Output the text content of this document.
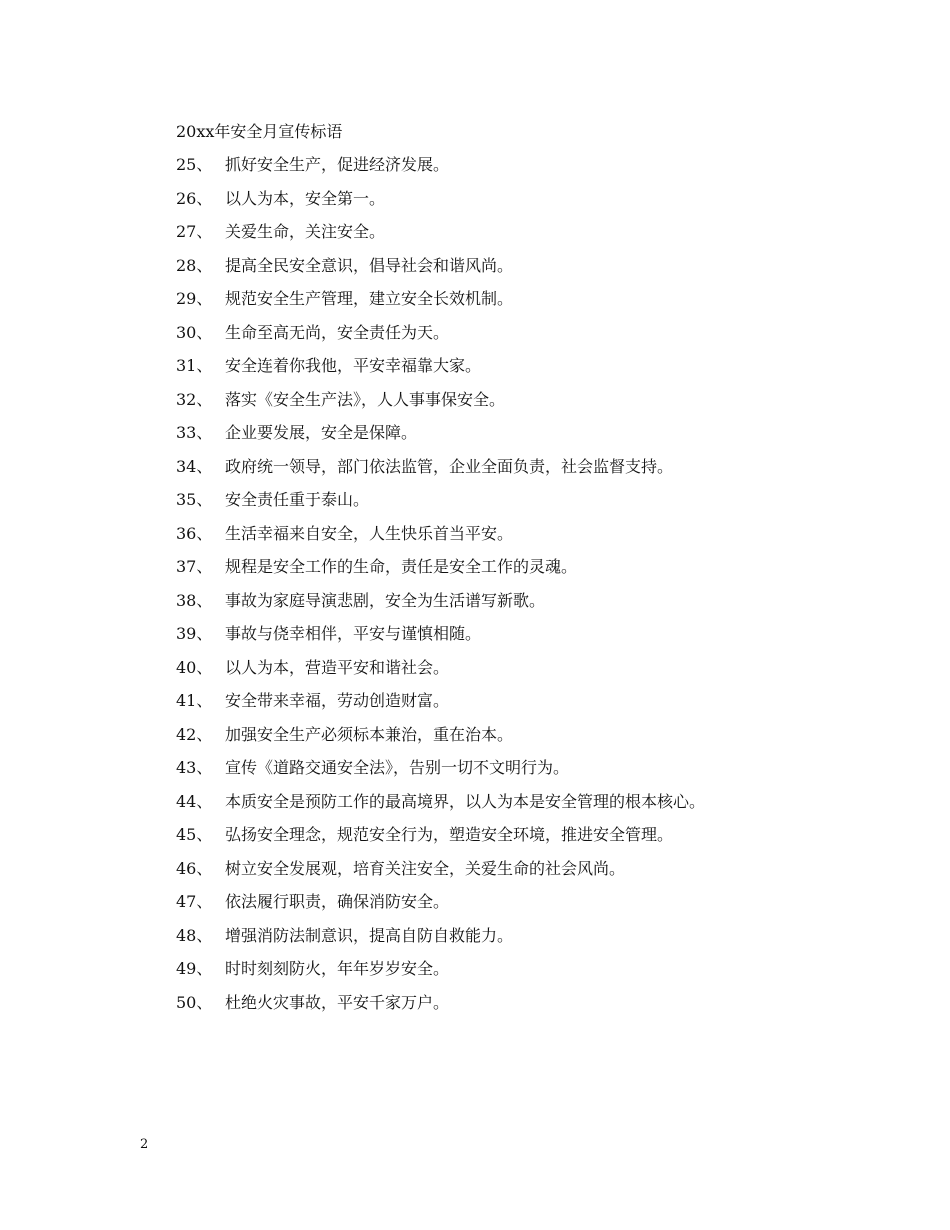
20xx年安全月宣传标语
25、 抓好安全生产，促进经济发展。
26、 以人为本，安全第一。
27、 关爱生命，关注安全。
28、 提高全民安全意识，倡导社会和谐风尚。
29、 规范安全生产管理，建立安全长效机制。
30、 生命至高无尚，安全责任为天。
31、 安全连着你我他，平安幸福靠大家。
32、 落实《安全生产法》，人人事事保安全。
33、 企业要发展，安全是保障。
34、 政府统一领导，部门依法监管，企业全面负责，社会监督支持。
35、 安全责任重于泰山。
36、 生活幸福来自安全，人生快乐首当平安。
37、 规程是安全工作的生命，责任是安全工作的灵魂。
38、 事故为家庭导演悲剧，安全为生活谱写新歌。
39、 事故与侥幸相伴，平安与谨慎相随。
40、 以人为本，营造平安和谐社会。
41、 安全带来幸福，劳动创造财富。
42、 加强安全生产必须标本兼治，重在治本。
43、 宣传《道路交通安全法》，告别一切不文明行为。
44、 本质安全是预防工作的最高境界，以人为本是安全管理的根本核心。
45、 弘扬安全理念，规范安全行为，塑造安全环境，推进安全管理。
46、 树立安全发展观，培育关注安全，关爱生命的社会风尚。
47、 依法履行职责，确保消防安全。
48、 增强消防法制意识，提高自防自救能力。
49、 时时刻刻防火，年年岁岁安全。
50、 杜绝火灾事故，平安千家万户。
2
